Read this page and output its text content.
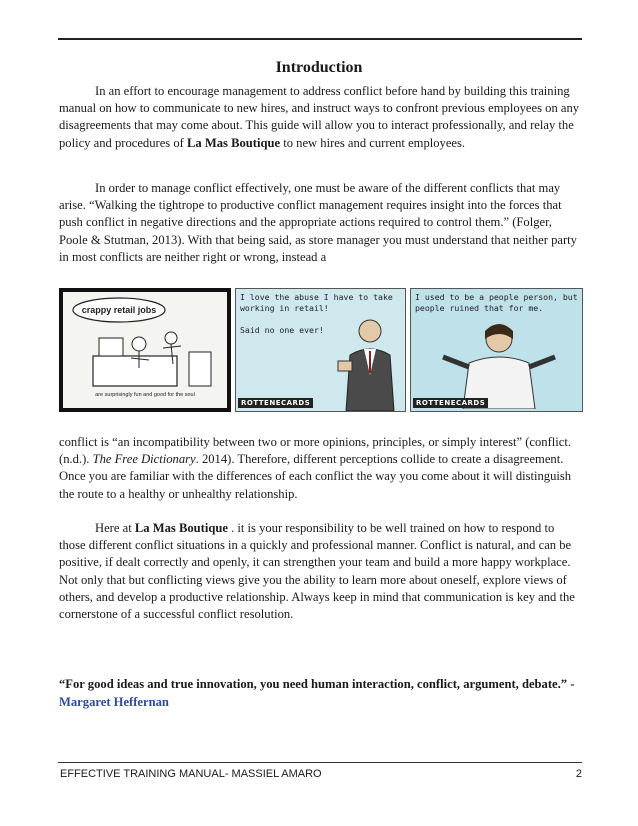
Introduction

In an effort to encourage management to address conflict before hand by building this training manual on how to communicate to new hires, and instruct ways to confront previous employees on any disagreements that may come about. This guide will allow you to interact professionally, and relay the policy and procedures of La Mas Boutique to new hires and current employees.

In order to manage conflict effectively, one must be aware of the different conflicts that may arise. “Walking the tightrope to productive conflict management requires insight into the forces that push conflict in negative directions and the appropriate actions required to control them.” (Folger, Poole & Stutman, 2013). With that being said, as store manager you must understand that neither party in most conflicts are neither right or wrong, instead a

crappy retail jobs
are surprisingly fun and good for the soul

I love the abuse I have to take
working in retail!

Said no one ever!

ROTTENECARDS

I used to be a people person, but
people ruined that for me.

ROTTENECARDS

conflict is “an incompatibility between two or more opinions, principles, or simply interest” (conflict. (n.d.). The Free Dictionary. 2014). Therefore, different perceptions collide to create a disagreement. Once you are familiar with the differences of each conflict the way you come about it will distinguish the route to a healthy or unhealthy relationship.

Here at La Mas Boutique . it is your responsibility to be well trained on how to respond to those different conflict situations in a quickly and professional manner. Conflict is natural, and can be positive, if dealt correctly and openly, it can strengthen your team and build a more happy workplace. Not only that but conflicting views give you the ability to learn more about oneself, explore views of others, and develop a productive relationship. Always keep in mind that communication is key and the cornerstone of a successful conflict resolution.

“For good ideas and true innovation, you need human interaction, conflict, argument, debate.” - Margaret Heffernan

EFFECTIVE TRAINING MANUAL- MASSIEL AMARO	2
